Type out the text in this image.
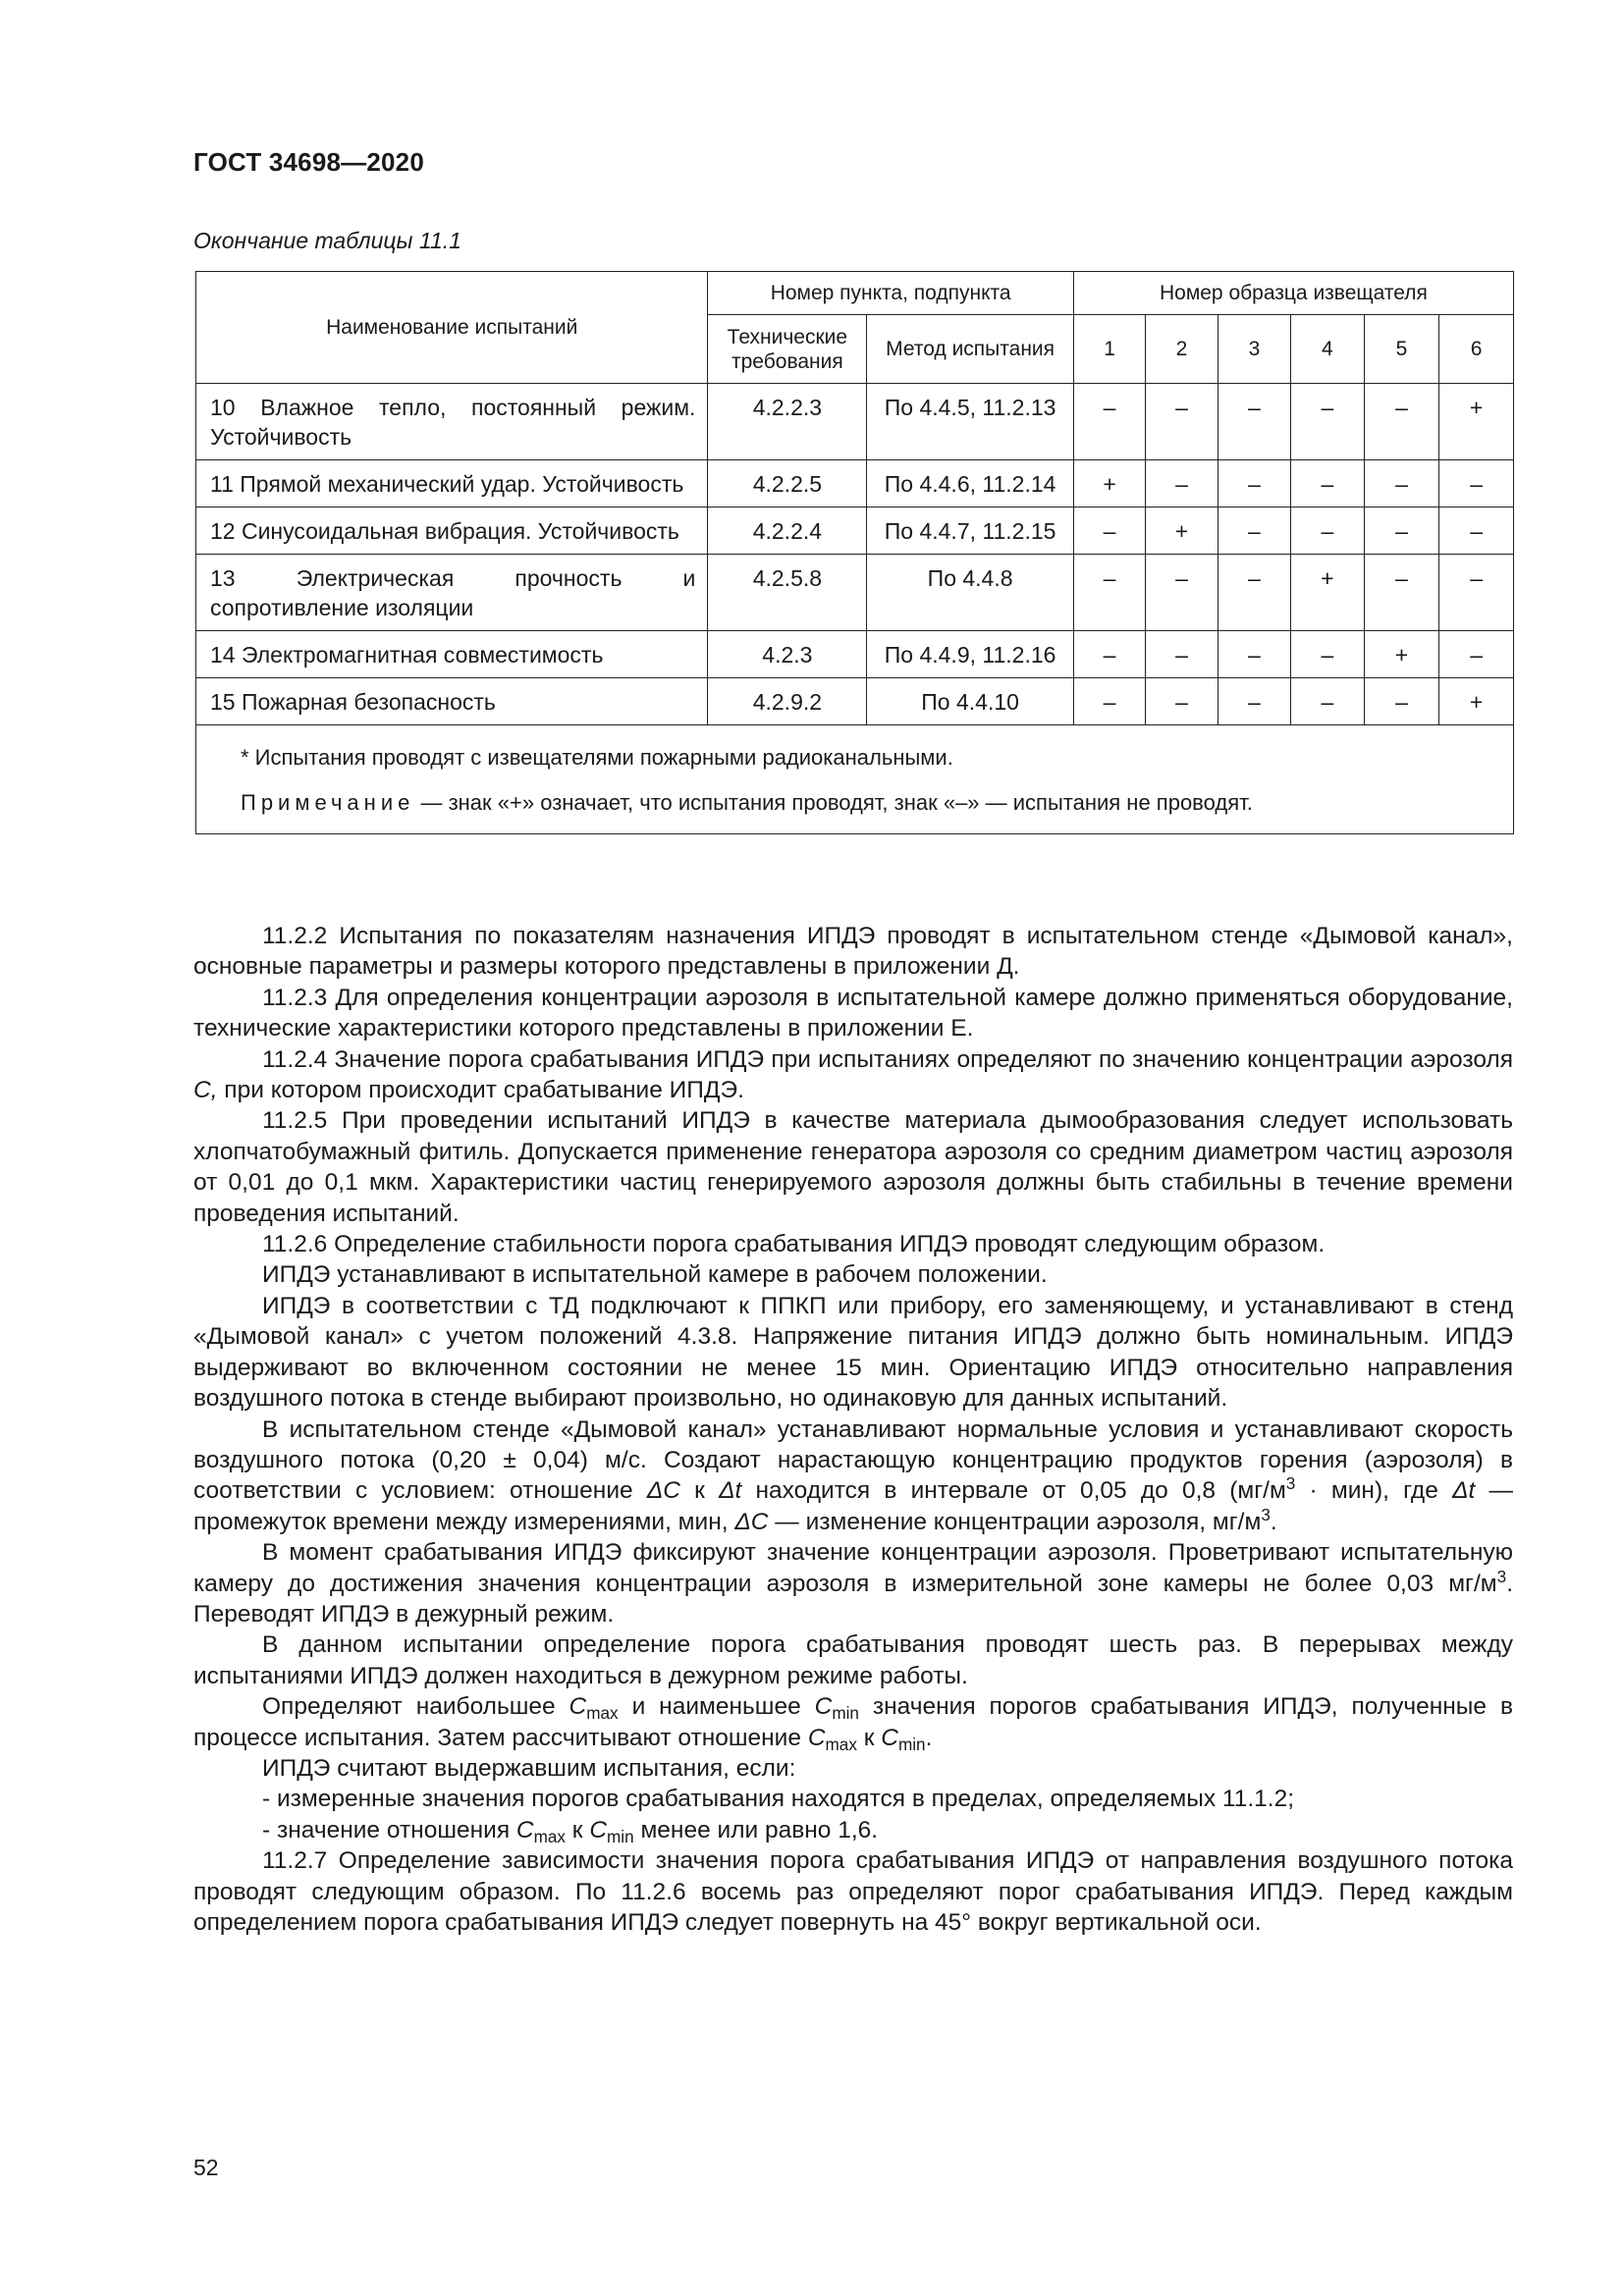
ГОСТ 34698—2020
Окончание таблицы 11.1
Наименование испытаний	Номер пункта, подпункта		Номер образца извещателя					
	Технические требования	Метод испытания	1	2	3	4	5	6
10 Влажное тепло, постоянный режим. Устойчивость	4.2.2.3	По 4.4.5, 11.2.13	–	–	–	–	–	+
11 Прямой механический удар. Устойчивость	4.2.2.5	По 4.4.6, 11.2.14	+	–	–	–	–	–
12 Синусоидальная вибрация. Устойчивость	4.2.2.4	По 4.4.7, 11.2.15	–	+	–	–	–	–
13 Электрическая прочность и сопротивление изоляции	4.2.5.8	По 4.4.8	–	–	–	+	–	–
14 Электромагнитная совместимость	4.2.3	По 4.4.9, 11.2.16	–	–	–	–	+	–
15 Пожарная безопасность	4.2.9.2	По 4.4.10	–	–	–	–	–	+

* Испытания проводят с извещателями пожарными радиоканальными.
Примечание — знак «+» означает, что испытания проводят, знак «–» — испытания не проводят.								

11.2.2 Испытания по показателям назначения ИПДЭ проводят в испытательном стенде «Дымовой канал», основные параметры и размеры которого представлены в приложении Д.

11.2.3 Для определения концентрации аэрозоля в испытательной камере должно применяться оборудование, технические характеристики которого представлены в приложении Е.

11.2.4 Значение порога срабатывания ИПДЭ при испытаниях определяют по значению концентрации аэрозоля C, при котором происходит срабатывание ИПДЭ.

11.2.5 При проведении испытаний ИПДЭ в качестве материала дымообразования следует использовать хлопчатобумажный фитиль. Допускается применение генератора аэрозоля со средним диаметром частиц аэрозоля от 0,01 до 0,1 мкм. Характеристики частиц генерируемого аэрозоля должны быть стабильны в течение времени проведения испытаний.

11.2.6 Определение стабильности порога срабатывания ИПДЭ проводят следующим образом.

ИПДЭ устанавливают в испытательной камере в рабочем положении.

ИПДЭ в соответствии с ТД подключают к ППКП или прибору, его заменяющему, и устанавливают в стенд «Дымовой канал» с учетом положений 4.3.8. Напряжение питания ИПДЭ должно быть номинальным. ИПДЭ выдерживают во включенном состоянии не менее 15 мин. Ориентацию ИПДЭ относительно направления воздушного потока в стенде выбирают произвольно, но одинаковую для данных испытаний.

В испытательном стенде «Дымовой канал» устанавливают нормальные условия и устанавливают скорость воздушного потока (0,20 ± 0,04) м/с. Создают нарастающую концентрацию продуктов горения (аэрозоля) в соответствии с условием: отношение ΔC к Δt находится в интервале от 0,05 до 0,8 $(мг/м^3 \cdot мин)$, где Δt — промежуток времени между измерениями, мин, ΔC — изменение концентрации аэрозоля, $мг/м^3$.

В момент срабатывания ИПДЭ фиксируют значение концентрации аэрозоля. Проветривают испытательную камеру до достижения значения концентрации аэрозоля в измерительной зоне камеры не более 0,03 $мг/м^3$. Переводят ИПДЭ в дежурный режим.

В данном испытании определение порога срабатывания проводят шесть раз. В перерывах между испытаниями ИПДЭ должен находиться в дежурном режиме работы.

Определяют наибольшее $C_{max}$ и наименьшее $C_{min}$ значения порогов срабатывания ИПДЭ, полученные в процессе испытания. Затем рассчитывают отношение $C_{max}$ к $C_{min}$.

ИПДЭ считают выдержавшим испытания, если:

- измеренные значения порогов срабатывания находятся в пределах, определяемых 11.1.2;

- значение отношения $C_{max}$ к $C_{min}$ менее или равно 1,6.

11.2.7 Определение зависимости значения порога срабатывания ИПДЭ от направления воздушного потока проводят следующим образом. По 11.2.6 восемь раз определяют порог срабатывания ИПДЭ. Перед каждым определением порога срабатывания ИПДЭ следует повернуть на 45° вокруг вертикальной оси.

52
